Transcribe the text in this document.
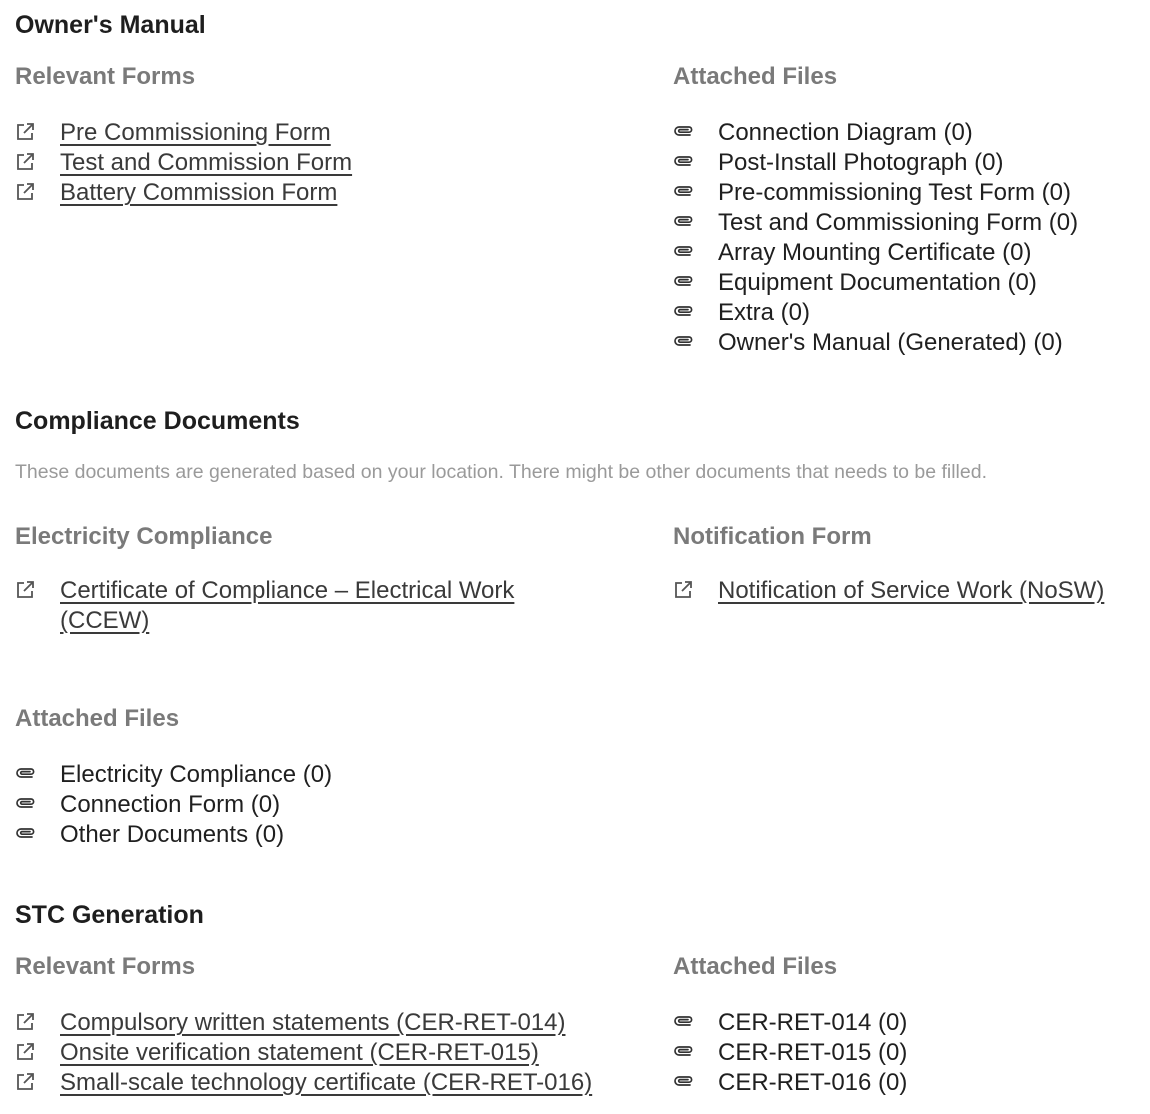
Owner's Manual
Relevant Forms
Pre Commissioning Form
Test and Commission Form
Battery Commission Form
Attached Files
Connection Diagram (0)
Post-Install Photograph (0)
Pre-commissioning Test Form (0)
Test and Commissioning Form (0)
Array Mounting Certificate (0)
Equipment Documentation (0)
Extra (0)
Owner's Manual (Generated) (0)
Compliance Documents
These documents are generated based on your location. There might be other documents that needs to be filled.
Electricity Compliance
Certificate of Compliance – Electrical Work (CCEW)
Notification Form
Notification of Service Work (NoSW)
Attached Files
Electricity Compliance (0)
Connection Form (0)
Other Documents (0)
STC Generation
Relevant Forms
Compulsory written statements (CER-RET-014)
Onsite verification statement (CER-RET-015)
Small-scale technology certificate (CER-RET-016)
Attached Files
CER-RET-014 (0)
CER-RET-015 (0)
CER-RET-016 (0)
